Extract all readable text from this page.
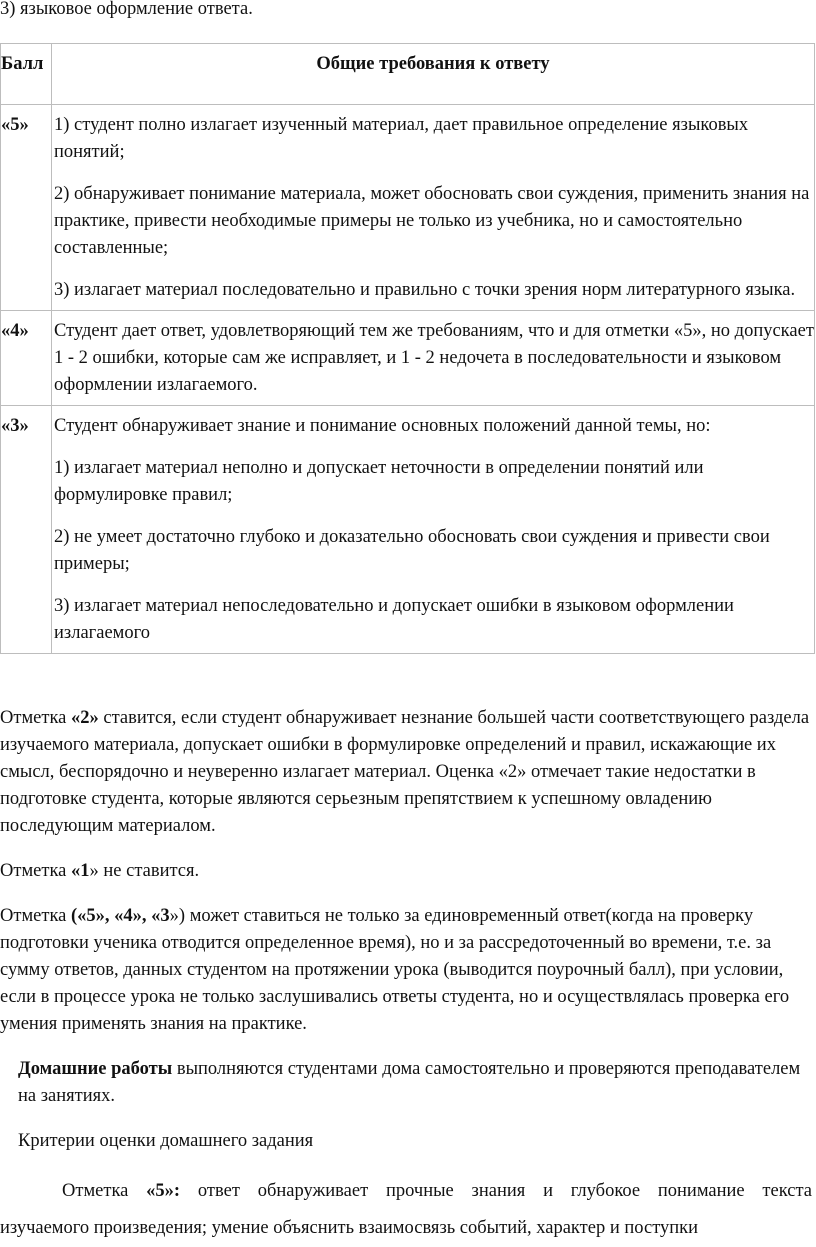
3) языковое оформление ответа.
Балл	Общие требования к ответу
«5»	1) студент полно излагает изученный материал, дает правильное определение языковых понятий;

2) обнаруживает понимание материала, может обосновать свои суждения, применить знания на практике, привести необходимые примеры не только из учебника, но и самостоятельно составленные;

3) излагает материал последовательно и правильно с точки зрения норм литературного языка.

«4»	Студент дает ответ, удовлетворяющий тем же требованиям, что и для отметки «5», но допускает 1 - 2 ошибки, которые сам же исправляет, и 1 - 2 недочета в последовательности и языковом оформлении излагаемого.

«3»	Студент обнаруживает знание и понимание основных положений данной темы, но:

1) излагает материал неполно и допускает неточности в определении понятий или формулировке правил;

2) не умеет достаточно глубоко и доказательно обосновать свои суждения и привести свои примеры;

3) излагает материал непоследовательно и допускает ошибки в языковом оформлении излагаемого

Отметка «2» ставится, если студент обнаруживает незнание большей части соответствующего раздела изучаемого материала, допускает ошибки в формулировке определений и правил, искажающие их смысл, беспорядочно и неуверенно излагает материал. Оценка «2» отмечает такие недостатки в подготовке студента, которые являются серьезным препятствием к успешному овладению последующим материалом.

Отметка «1» не ставится.

Отметка («5», «4», «3») может ставиться не только за единовременный ответ(когда на проверку подготовки ученика отводится определенное время), но и за рассредоточенный во времени, т.е. за сумму ответов, данных студентом на протяжении урока (выводится поурочный балл), при условии, если в процессе урока не только заслушивались ответы студента, но и осуществлялась проверка его умения применять знания на практике.

Домашние работы выполняются студентами дома самостоятельно и проверяются преподавателем на занятиях.

Критерии оценки домашнего задания

Отметка «5»: ответ обнаруживает прочные знания и глубокое понимание текста

изучаемого произведения; умение объяснить взаимосвязь событий, характер и поступки
